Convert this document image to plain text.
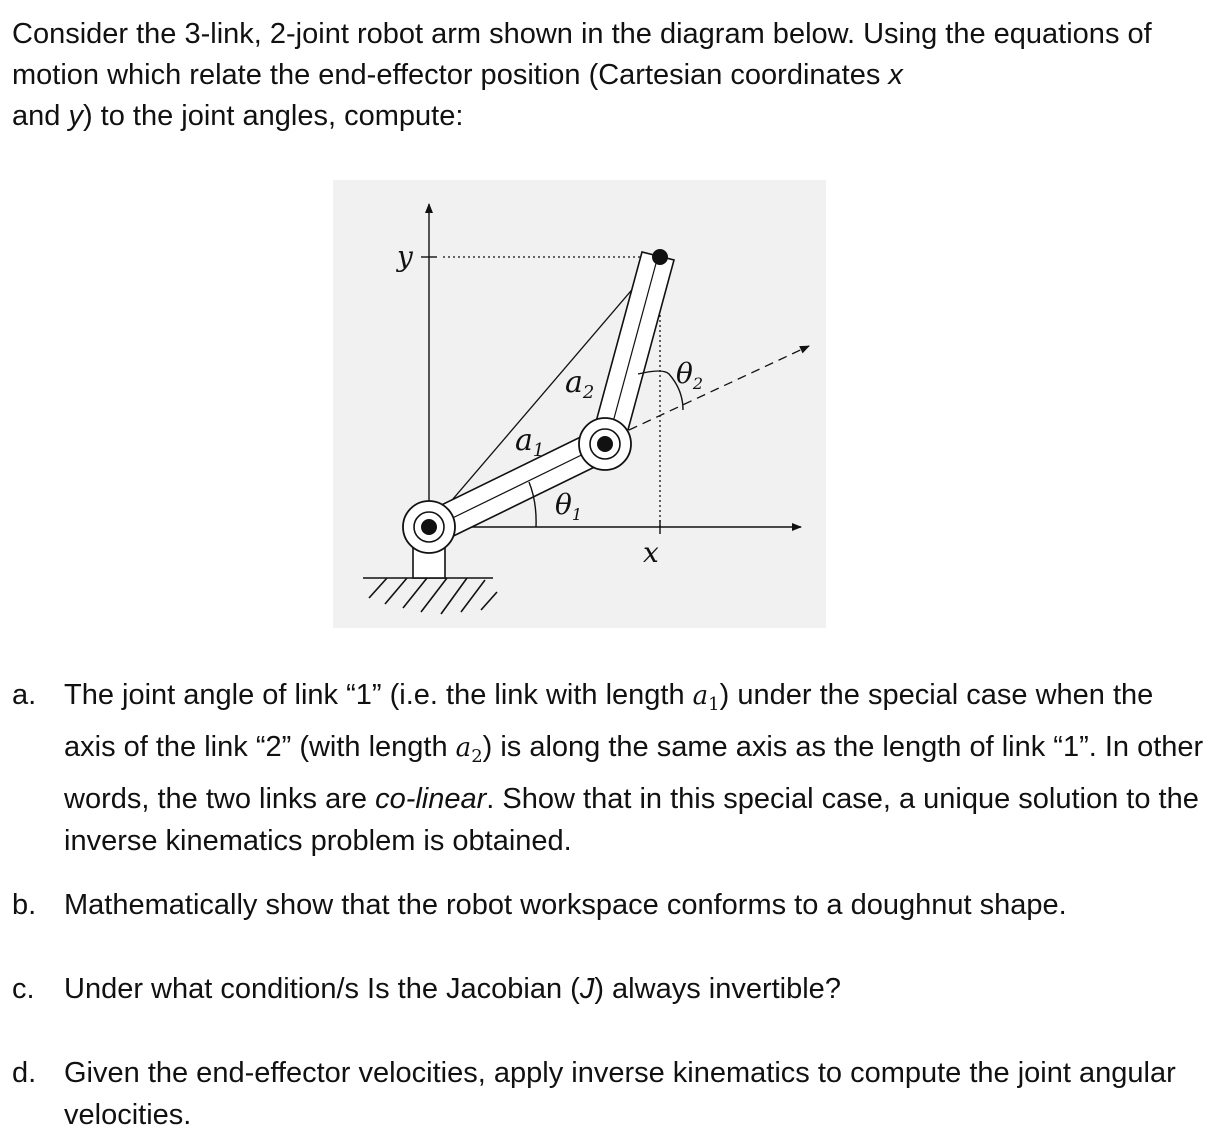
Consider the 3-link, 2-joint robot arm shown in the diagram below. Using the equations of motion which relate the end-effector position (Cartesian coordinates x
and y) to the joint angles, compute:

y
x
$a_1$
$a_2$
$\theta_1$
$\theta_2$
a. The joint angle of link “1” (i.e. the link with length $a_1$) under the special case when the axis of the link “2” (with length $a_2$) is along the same axis as the length of link “1”. In other words, the two links are co-linear. Show that in this special case, a unique solution to the inverse kinematics problem is obtained.
b. Mathematically show that the robot workspace conforms to a doughnut shape.
c.	Under what condition/s Is the Jacobian (J) always invertible?
d. Given the end-effector velocities, apply inverse kinematics to compute the joint angular velocities.
